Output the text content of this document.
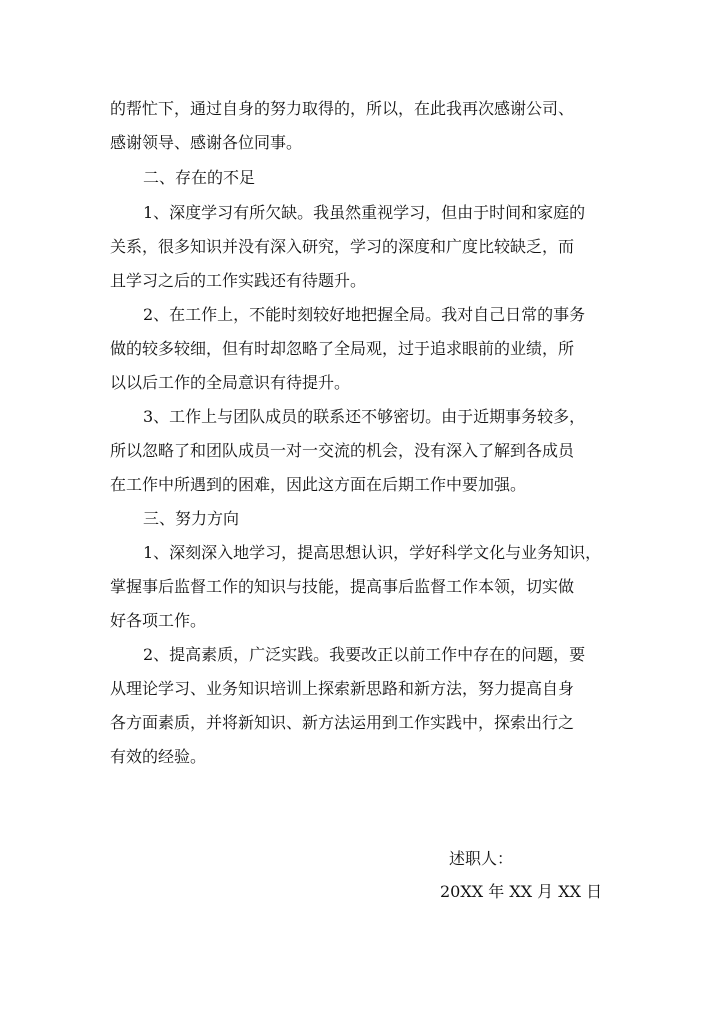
的帮忙下，通过自身的努力取得的，所以，在此我再次感谢公司、
感谢领导、感谢各位同事。
二、存在的不足
1、深度学习有所欠缺。我虽然重视学习，但由于时间和家庭的
关系，很多知识并没有深入研究，学习的深度和广度比较缺乏，而
且学习之后的工作实践还有待题升。
2、在工作上，不能时刻较好地把握全局。我对自己日常的事务
做的较多较细，但有时却忽略了全局观，过于追求眼前的业绩，所
以以后工作的全局意识有待提升。
3、工作上与团队成员的联系还不够密切。由于近期事务较多，
所以忽略了和团队成员一对一交流的机会，没有深入了解到各成员
在工作中所遇到的困难，因此这方面在后期工作中要加强。
三、努力方向
1、深刻深入地学习，提高思想认识，学好科学文化与业务知识，
掌握事后监督工作的知识与技能，提高事后监督工作本领，切实做
好各项工作。
2、提高素质，广泛实践。我要改正以前工作中存在的问题，要
从理论学习、业务知识培训上探索新思路和新方法，努力提高自身
各方面素质，并将新知识、新方法运用到工作实践中，探索出行之
有效的经验。
述职人：
20XX 年 XX 月 XX 日
